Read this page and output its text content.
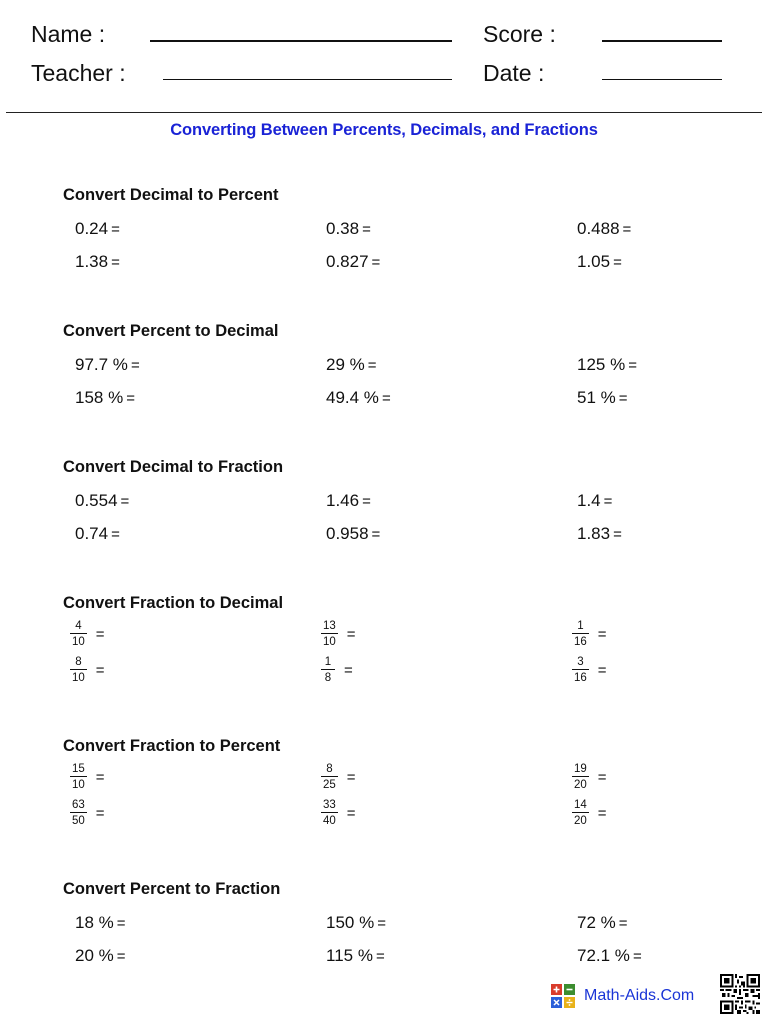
Name :
Teacher :
Score :
Date :
Converting Between Percents, Decimals, and Fractions
Convert Decimal to Percent
0.24 =	0.38 =	0.488 =
1.38 =	0.827 =	1.05 =
Convert Percent to Decimal
97.7 % =	29 % =	125 % =
158 % =	49.4 % =	51 % =
Convert Decimal to Fraction
0.554 =	1.46 =	1.4 =
0.74 =	0.958 =	1.83 =
Convert Fraction to Decimal
$\frac{4}{10}$ =	$\frac{13}{10}$ =	$\frac{1}{16}$ =
$\frac{8}{10}$ =	$\frac{1}{8}$ =	$\frac{3}{16}$ =
Convert Fraction to Percent
$\frac{15}{10}$ =	$\frac{8}{25}$ =	$\frac{19}{20}$ =
$\frac{63}{50}$ =	$\frac{33}{40}$ =	$\frac{14}{20}$ =
Convert Percent to Fraction
18 % =	150 % =	72 % =
20 % =	115 % =	72.1 % =
Math-Aids.Com
